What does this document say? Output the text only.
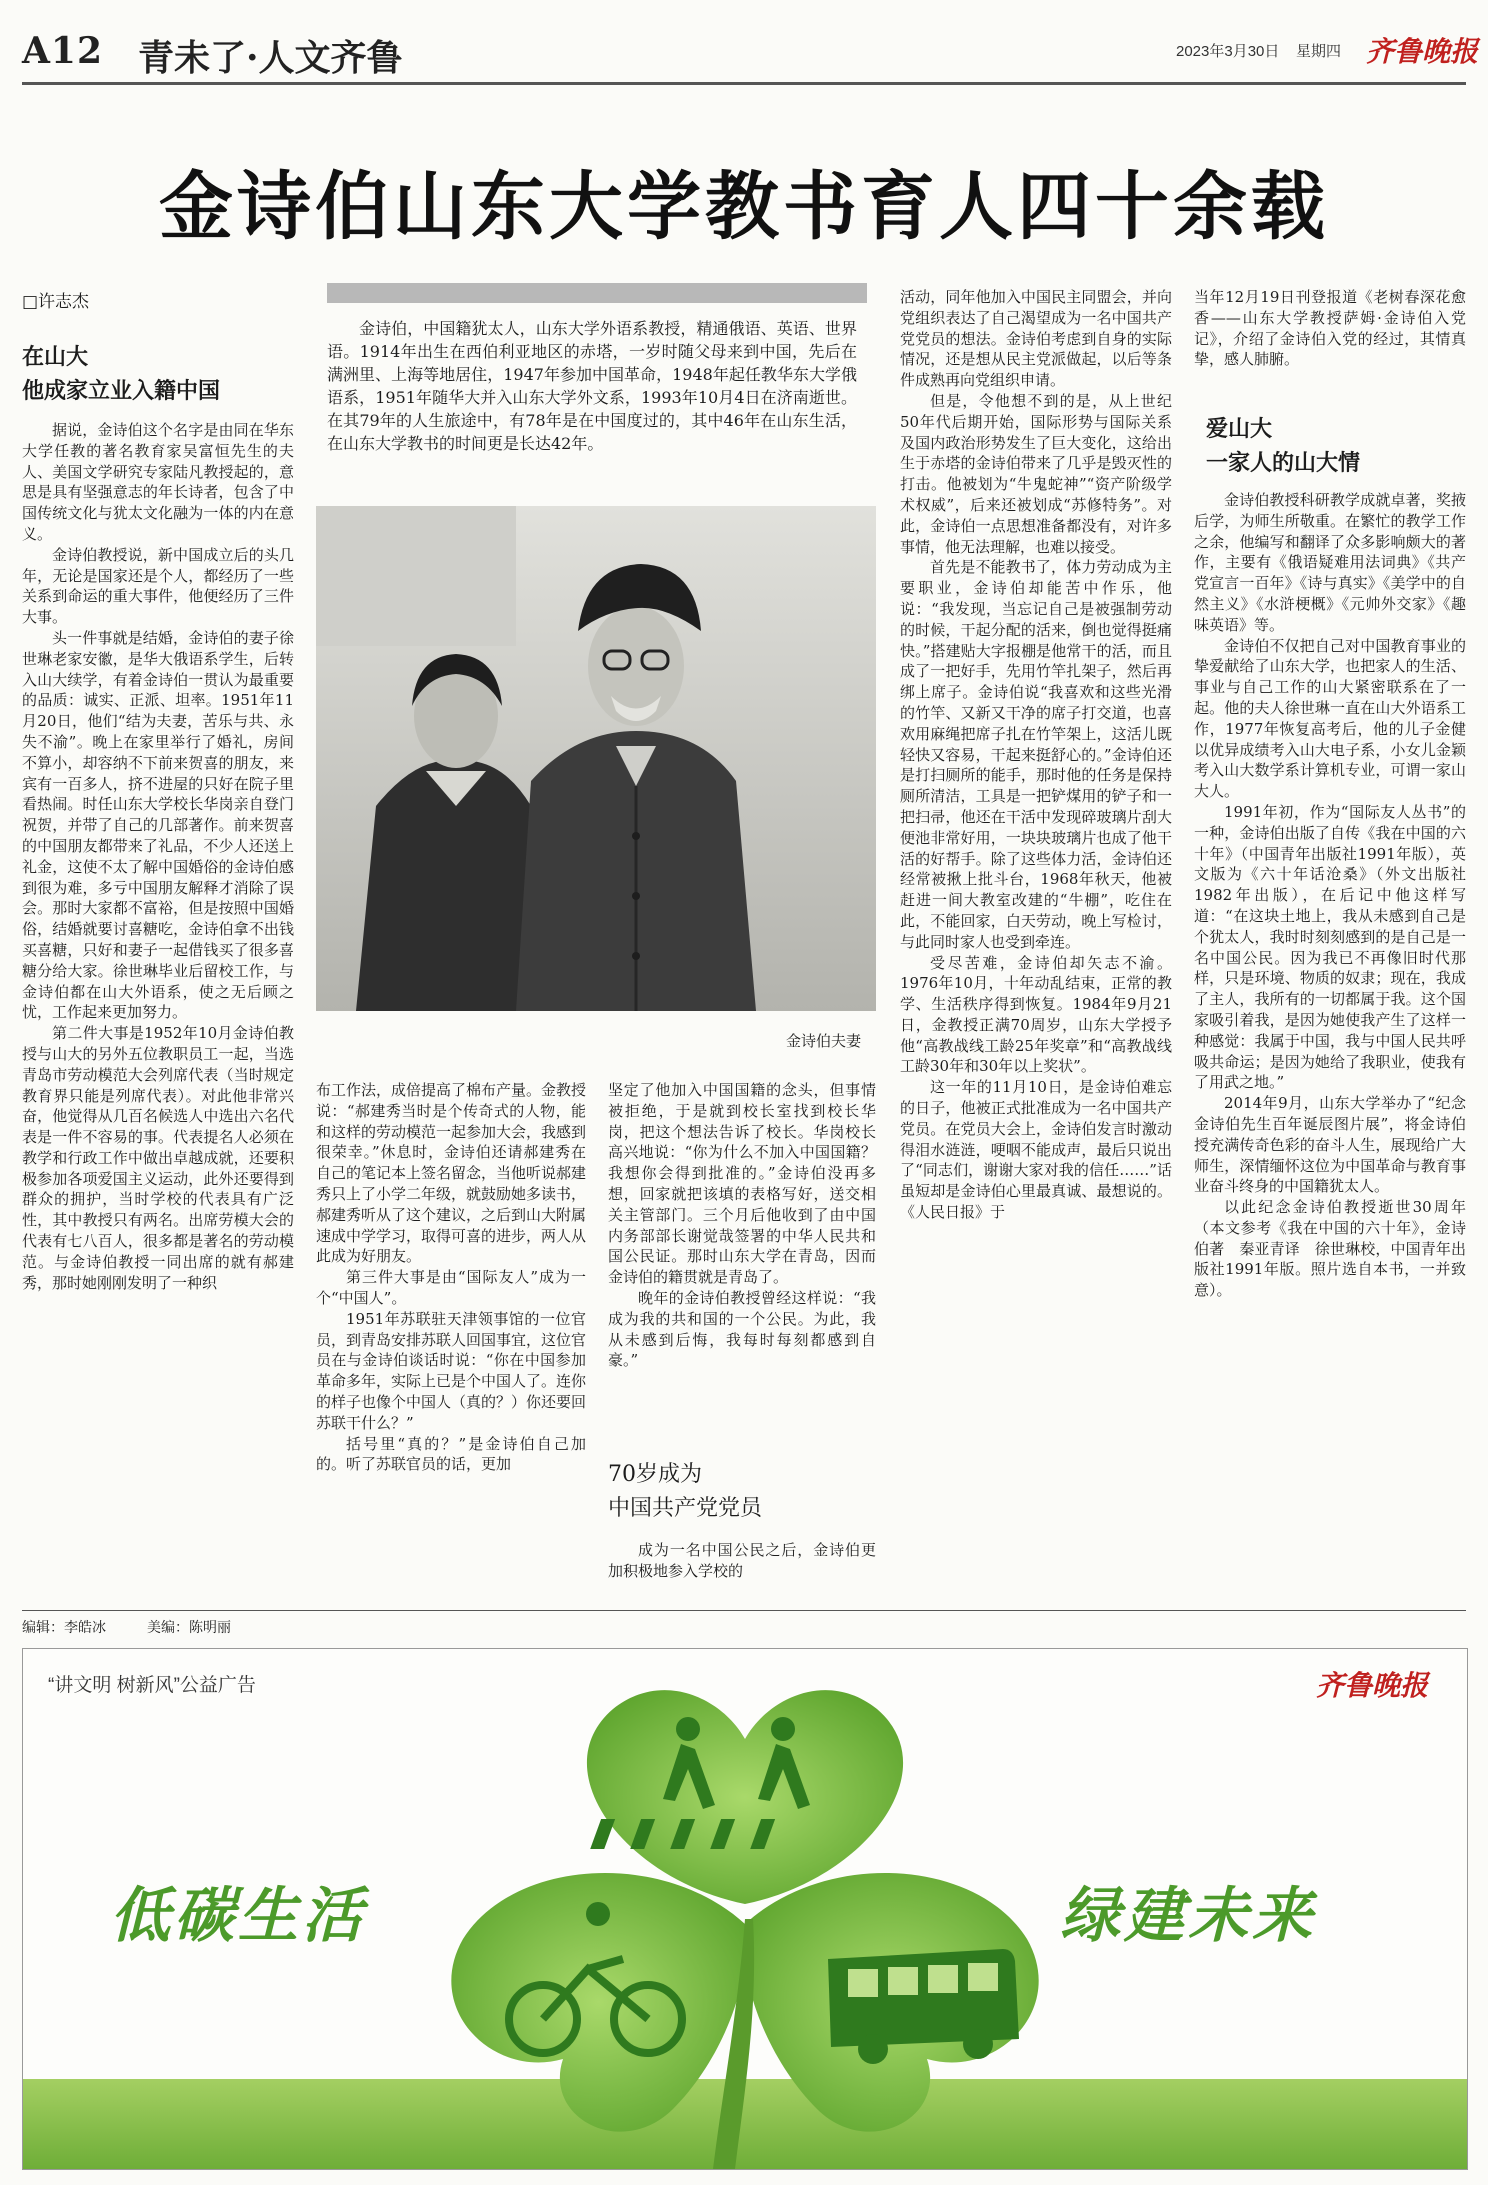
A12 青未了·人文齐鲁	2023年3月30日 星期四 齐鲁晚报
金诗伯山东大学教书育人四十余载
□许志杰
在山大
他成家立业入籍中国

据说，金诗伯这个名字是由同在华东大学任教的著名教育家吴富恒先生的夫人、美国文学研究专家陆凡教授起的，意思是具有坚强意志的年长诗者，包含了中国传统文化与犹太文化融为一体的内在意义。

金诗伯教授说，新中国成立后的头几年，无论是国家还是个人，都经历了一些关系到命运的重大事件，他便经历了三件大事。

头一件事就是结婚，金诗伯的妻子徐世琳老家安徽，是华大俄语系学生，后转入山大续学，有着金诗伯一贯认为最重要的品质：诚实、正派、坦率。1951年11月20日，他们“结为夫妻，苦乐与共、永失不渝”。晚上在家里举行了婚礼，房间不算小，却容纳不下前来贺喜的朋友，来宾有一百多人，挤不进屋的只好在院子里看热闹。时任山东大学校长华岗亲自登门祝贺，并带了自己的几部著作。前来贺喜的中国朋友都带来了礼品，不少人还送上礼金，这使不太了解中国婚俗的金诗伯感到很为难，多亏中国朋友解释才消除了误会。那时大家都不富裕，但是按照中国婚俗，结婚就要讨喜糖吃，金诗伯拿不出钱买喜糖，只好和妻子一起借钱买了很多喜糖分给大家。徐世琳毕业后留校工作，与金诗伯都在山大外语系，使之无后顾之忧，工作起来更加努力。

第二件大事是1952年10月金诗伯教授与山大的另外五位教职员工一起，当选青岛市劳动模范大会列席代表（当时规定教育界只能是列席代表）。对此他非常兴奋，他觉得从几百名候选人中选出六名代表是一件不容易的事。代表提名人必须在教学和行政工作中做出卓越成就，还要积极参加各项爱国主义运动，此外还要得到群众的拥护，当时学校的代表具有广泛性，其中教授只有两名。出席劳模大会的代表有七八百人，很多都是著名的劳动模范。与金诗伯教授一同出席的就有郝建秀，那时她刚刚发明了一种织

金诗伯，中国籍犹太人，山东大学外语系教授，精通俄语、英语、世界语。1914年出生在西伯利亚地区的赤塔，一岁时随父母来到中国，先后在满洲里、上海等地居住，1947年参加中国革命，1948年起任教华东大学俄语系，1951年随华大并入山东大学外文系，1993年10月4日在济南逝世。在其79年的人生旅途中，有78年是在中国度过的，其中46年在山东生活，在山东大学教书的时间更是长达42年。
金诗伯夫妻

布工作法，成倍提高了棉布产量。金教授说：“郝建秀当时是个传奇式的人物，能和这样的劳动模范一起参加大会，我感到很荣幸。”休息时，金诗伯还请郝建秀在自己的笔记本上签名留念，当他听说郝建秀只上了小学二年级，就鼓励她多读书，郝建秀听从了这个建议，之后到山大附属速成中学学习，取得可喜的进步，两人从此成为好朋友。

第三件大事是由“国际友人”成为一个“中国人”。

1951年苏联驻天津领事馆的一位官员，到青岛安排苏联人回国事宜，这位官员在与金诗伯谈话时说：“你在中国参加革命多年，实际上已是个中国人了。连你的样子也像个中国人（真的？）你还要回苏联干什么？”

括号里“真的？”是金诗伯自己加的。听了苏联官员的话，更加

坚定了他加入中国国籍的念头，但事情被拒绝，于是就到校长室找到校长华岗，把这个想法告诉了校长。华岗校长高兴地说：“你为什么不加入中国国籍？我想你会得到批准的。”金诗伯没再多想，回家就把该填的表格写好，送交相关主管部门。三个月后他收到了由中国内务部部长谢觉哉签署的中华人民共和国公民证。那时山东大学在青岛，因而金诗伯的籍贯就是青岛了。

晚年的金诗伯教授曾经这样说：“我成为我的共和国的一个公民。为此，我从未感到后悔，我每时每刻都感到自豪。”

70岁成为
中国共产党党员

成为一名中国公民之后，金诗伯更加积极地参入学校的

活动，同年他加入中国民主同盟会，并向党组织表达了自己渴望成为一名中国共产党党员的想法。金诗伯考虑到自身的实际情况，还是想从民主党派做起，以后等条件成熟再向党组织申请。

但是，令他想不到的是，从上世纪50年代后期开始，国际形势与国际关系及国内政治形势发生了巨大变化，这给出生于赤塔的金诗伯带来了几乎是毁灭性的打击。他被划为“牛鬼蛇神”“资产阶级学术权威”，后来还被划成“苏修特务”。对此，金诗伯一点思想准备都没有，对许多事情，他无法理解，也难以接受。

首先是不能教书了，体力劳动成为主要职业，金诗伯却能苦中作乐，他说：“我发现，当忘记自己是被强制劳动的时候，干起分配的活来，倒也觉得挺痛快。”搭建贴大字报棚是他常干的活，而且成了一把好手，先用竹竿扎架子，然后再绑上席子。金诗伯说“我喜欢和这些光滑的竹竿、又新又干净的席子打交道，也喜欢用麻绳把席子扎在竹竿架上，这活儿既轻快又容易，干起来挺舒心的。”金诗伯还是打扫厕所的能手，那时他的任务是保持厕所清洁，工具是一把铲煤用的铲子和一把扫帚，他还在干活中发现碎玻璃片刮大便池非常好用，一块块玻璃片也成了他干活的好帮手。除了这些体力活，金诗伯还经常被揪上批斗台，1968年秋天，他被赶进一间大教室改建的“牛棚”，吃住在此，不能回家，白天劳动，晚上写检讨，与此同时家人也受到牵连。

受尽苦难，金诗伯却矢志不渝。1976年10月，十年动乱结束，正常的教学、生活秩序得到恢复。1984年9月21日，金教授正满70周岁，山东大学授予他“高教战线工龄25年奖章”和“高教战线工龄30年和30年以上奖状”。

这一年的11月10日，是金诗伯难忘的日子，他被正式批准成为一名中国共产党员。在党员大会上，金诗伯发言时激动得泪水涟涟，哽咽不能成声，最后只说出了“同志们，谢谢大家对我的信任……”话虽短却是金诗伯心里最真诚、最想说的。《人民日报》于

当年12月19日刊登报道《老树春深花愈香——山东大学教授萨姆·金诗伯入党记》，介绍了金诗伯入党的经过，其情真挚，感人肺腑。

爱山大
一家人的山大情

金诗伯教授科研教学成就卓著，奖掖后学，为师生所敬重。在繁忙的教学工作之余，他编写和翻译了众多影响颇大的著作，主要有《俄语疑难用法词典》《共产党宣言一百年》《诗与真实》《美学中的自然主义》《水浒梗概》《元帅外交家》《趣味英语》等。

金诗伯不仅把自己对中国教育事业的挚爱献给了山东大学，也把家人的生活、事业与自己工作的山大紧密联系在了一起。他的夫人徐世琳一直在山大外语系工作，1977年恢复高考后，他的儿子金健以优异成绩考入山大电子系，小女儿金颖考入山大数学系计算机专业，可谓一家山大人。

1991年初，作为“国际友人丛书”的一种，金诗伯出版了自传《我在中国的六十年》（中国青年出版社1991年版），英文版为《六十年话沧桑》（外文出版社1982年出版），在后记中他这样写道：“在这块土地上，我从未感到自己是个犹太人，我时时刻刻感到的是自己是一名中国公民。因为我已不再像旧时代那样，只是环境、物质的奴隶；现在，我成了主人，我所有的一切都属于我。这个国家吸引着我，是因为她使我产生了这样一种感觉：我属于中国，我与中国人民共呼吸共命运；是因为她给了我职业，使我有了用武之地。”

2014年9月，山东大学举办了“纪念金诗伯先生百年诞辰图片展”，将金诗伯授充满传奇色彩的奋斗人生，展现给广大师生，深情缅怀这位为中国革命与教育事业奋斗终身的中国籍犹太人。

以此纪念金诗伯教授逝世30周年（本文参考《我在中国的六十年》，金诗伯著　秦亚青译　徐世琳校，中国青年出版社1991年版。照片选自本书，一并致意）。

编辑：李皓冰	美编：陈明丽
“讲文明 树新风”公益广告	齐鲁晚报
低碳生活	绿建未来
